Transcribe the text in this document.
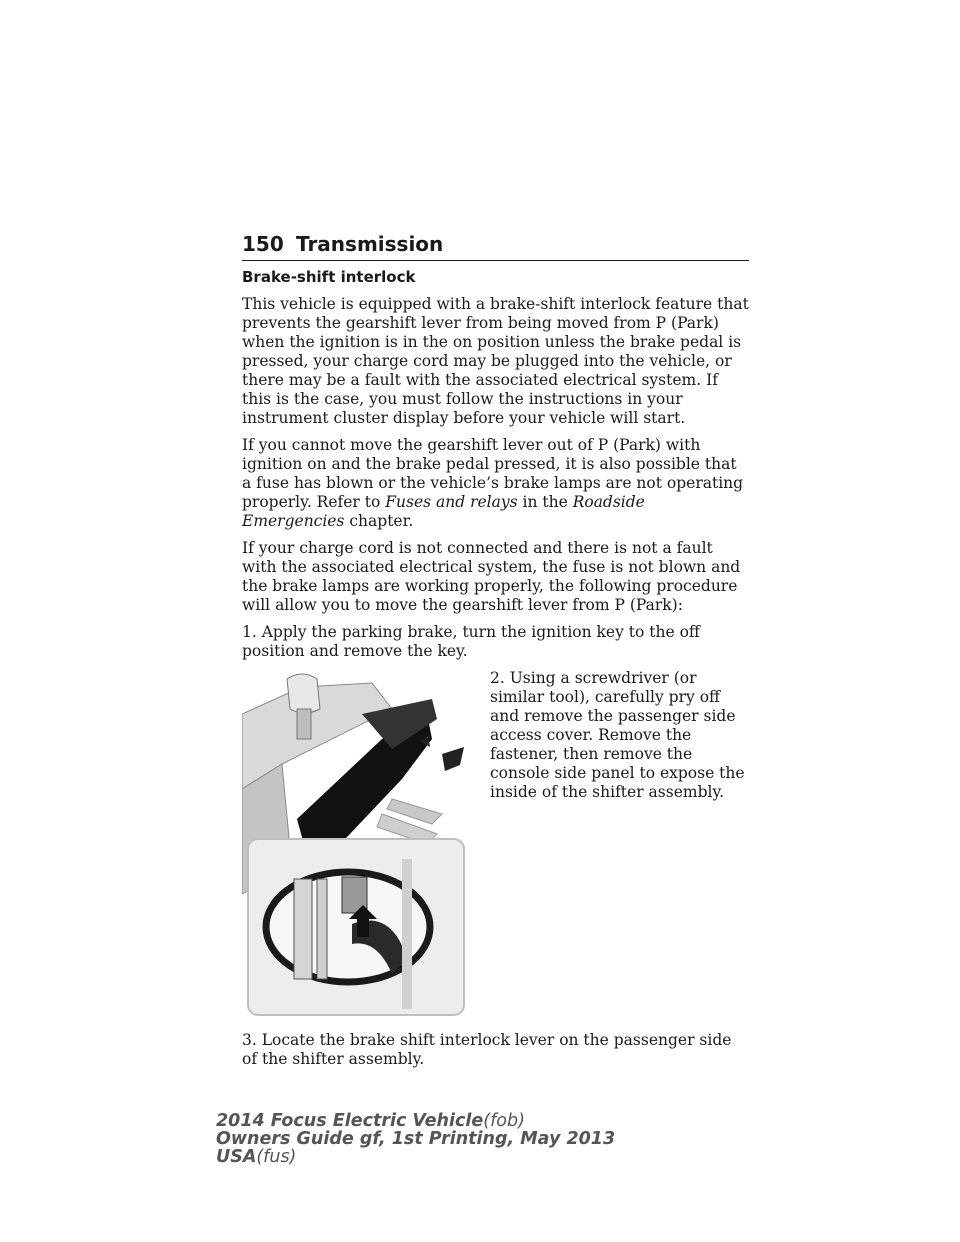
150 Transmission

Brake-shift interlock

This vehicle is equipped with a brake-shift interlock feature that prevents the gearshift lever from being moved from P (Park) when the ignition is in the on position unless the brake pedal is pressed, your charge cord may be plugged into the vehicle, or there may be a fault with the associated electrical system. If this is the case, you must follow the instructions in your instrument cluster display before your vehicle will start.

If you cannot move the gearshift lever out of P (Park) with ignition on and the brake pedal pressed, it is also possible that a fuse has blown or the vehicle’s brake lamps are not operating properly. Refer to Fuses and relays in the Roadside Emergencies chapter.

If your charge cord is not connected and there is not a fault with the associated electrical system, the fuse is not blown and the brake lamps are working properly, the following procedure will allow you to move the gearshift lever from P (Park):

1. Apply the parking brake, turn the ignition key to the off position and remove the key.

2. Using a screwdriver (or similar tool), carefully pry off and remove the passenger side access cover. Remove the fastener, then remove the console side panel to expose the inside of the shifter assembly.

3. Locate the brake shift interlock lever on the passenger side of the shifter assembly.

2014 Focus Electric Vehicle(fob)
Owners Guide gf, 1st Printing, May 2013
USA(fus)
